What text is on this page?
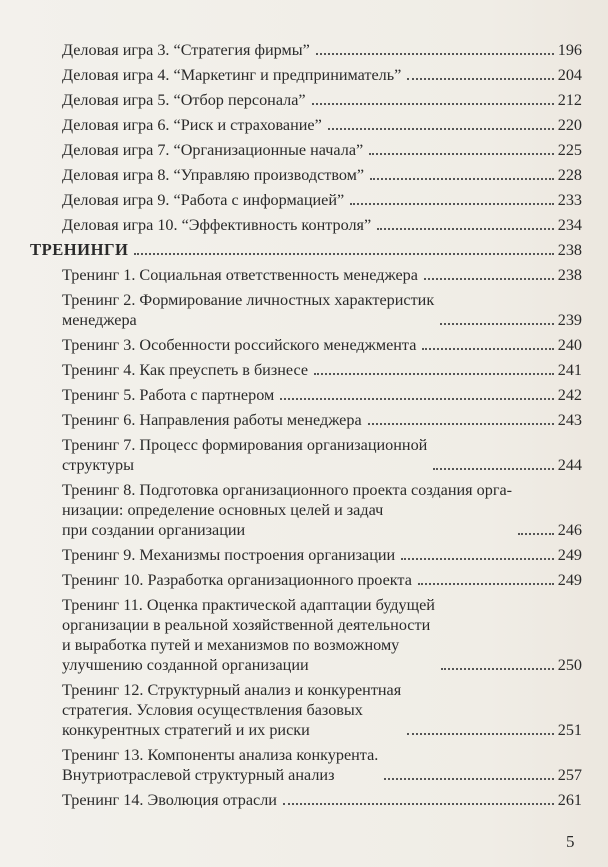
Деловая игра 3. “Стратегия фирмы”	196
Деловая игра 4. “Маркетинг и предприниматель”	204
Деловая игра 5. “Отбор персонала”	212
Деловая игра 6. “Риск и страхование”	220
Деловая игра 7. “Организационные начала”	225
Деловая игра 8. “Управляю производством”	228
Деловая игра 9. “Работа с информацией”	233
Деловая игра 10. “Эффективность контроля”	234
ТРЕНИНГИ	238
Тренинг 1. Социальная ответственность менеджера	238
Тренинг 2. Формирование личностных характеристик
менеджера	239
Тренинг 3. Особенности российского менеджмента	240
Тренинг 4. Как преуспеть в бизнесе	241
Тренинг 5. Работа с партнером	242
Тренинг 6. Направления работы менеджера	243
Тренинг 7. Процесс формирования организационной
структуры	244
Тренинг 8. Подготовка организационного проекта создания орга-
низации: определение основных целей и задач
при создании организации	246
Тренинг 9. Механизмы построения организации	249
Тренинг 10. Разработка организационного проекта	249
Тренинг 11. Оценка практической адаптации будущей
организации в реальной хозяйственной деятельности
и выработка путей и механизмов по возможному
улучшению созданной организации	250
Тренинг 12. Структурный анализ и конкурентная
стратегия. Условия осуществления базовых
конкурентных стратегий и их риски	251
Тренинг 13. Компоненты анализа конкурента.
Внутриотраслевой структурный анализ	257
Тренинг 14. Эволюция отрасли	261
5
